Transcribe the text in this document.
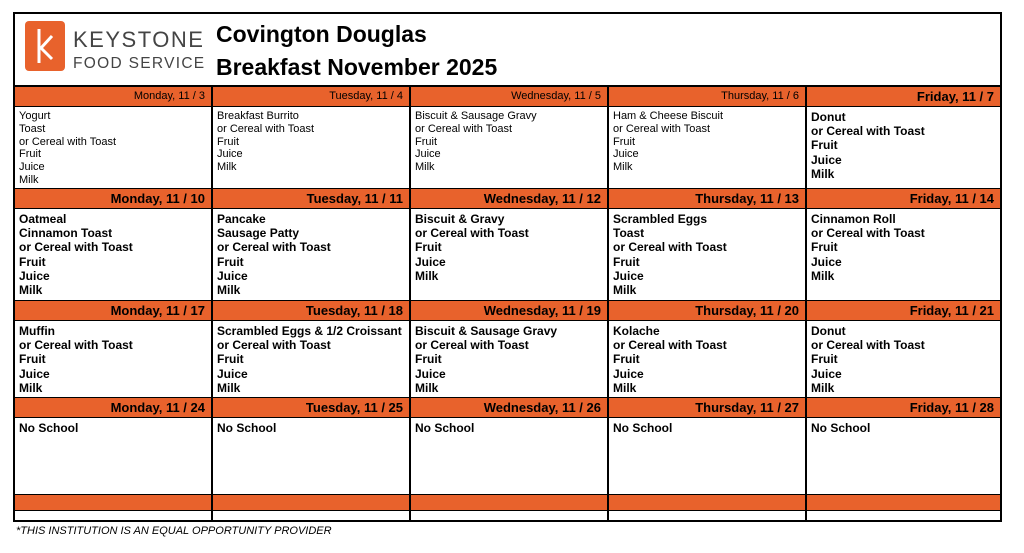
KEYSTONE
FOOD SERVICE
Covington Douglas
Breakfast November 2025
Monday, 11 / 3
Yogurt
Toast
or Cereal with Toast
Fruit
Juice
Milk
Tuesday, 11 / 4
Breakfast Burrito
or Cereal with Toast
Fruit
Juice
Milk
Wednesday, 11 / 5
Biscuit & Sausage Gravy
or Cereal with Toast
Fruit
Juice
Milk
Thursday, 11 / 6
Ham & Cheese Biscuit
or Cereal with Toast
Fruit
Juice
Milk
Friday, 11 / 7
Donut
or Cereal with Toast
Fruit
Juice
Milk
Monday, 11 / 10
Oatmeal
Cinnamon Toast
or Cereal with Toast
Fruit
Juice
Milk
Tuesday, 11 / 11
Pancake
Sausage Patty
or Cereal with Toast
Fruit
Juice
Milk
Wednesday, 11 / 12
Biscuit & Gravy
or Cereal with Toast
Fruit
Juice
Milk
Thursday, 11 / 13
Scrambled Eggs
Toast
or Cereal with Toast
Fruit
Juice
Milk
Friday, 11 / 14
Cinnamon Roll
or Cereal with Toast
Fruit
Juice
Milk
Monday, 11 / 17
Muffin
or Cereal with Toast
Fruit
Juice
Milk
Tuesday, 11 / 18
Scrambled Eggs & 1/2 Croissant
or Cereal with Toast
Fruit
Juice
Milk
Wednesday, 11 / 19
Biscuit & Sausage Gravy
or Cereal with Toast
Fruit
Juice
Milk
Thursday, 11 / 20
Kolache
or Cereal with Toast
Fruit
Juice
Milk
Friday, 11 / 21
Donut
or Cereal with Toast
Fruit
Juice
Milk
Monday, 11 / 24
No School
Tuesday, 11 / 25
No School
Wednesday, 11 / 26
No School
Thursday, 11 / 27
No School
Friday, 11 / 28
No School
*THIS INSTITUTION IS AN EQUAL OPPORTUNITY PROVIDER
